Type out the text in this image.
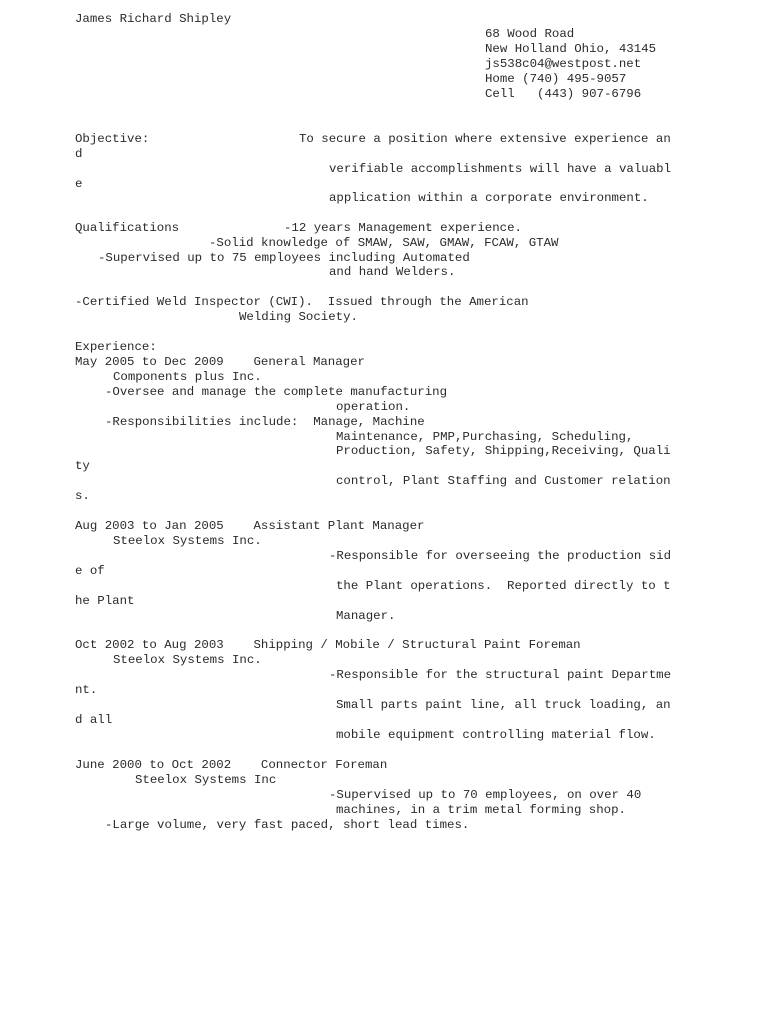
James Richard Shipley

68 Wood Road

New Holland Ohio, 43145

js538c04@westpost.net

Home (740) 495-9057

Cell   (443) 907-6796

Objective:	To secure a position where extensive experience an

d

verifiable accomplishments will have a valuabl

e

application within a corporate environment.

Qualifications	-12 years Management experience.

-Solid knowledge of SMAW, SAW, GMAW, FCAW, GTAW

-Supervised up to 75 employees including Automated

and hand Welders.

-Certified Weld Inspector (CWI).  Issued through the American

Welding Society.

Experience:

May 2005 to Dec 2009    General Manager

Components plus Inc.

-Oversee and manage the complete manufacturing

operation.

-Responsibilities include:  Manage, Machine

Maintenance, PMP,Purchasing, Scheduling,

Production, Safety, Shipping,Receiving, Quali

ty

control, Plant Staffing and Customer relation

s.

Aug 2003 to Jan 2005    Assistant Plant Manager

Steelox Systems Inc.

-Responsible for overseeing the production sid

e of

the Plant operations.  Reported directly to t

he Plant

Manager.

Oct 2002 to Aug 2003    Shipping / Mobile / Structural Paint Foreman

Steelox Systems Inc.

-Responsible for the structural paint Departme

nt.

Small parts paint line, all truck loading, an

d all

mobile equipment controlling material flow.

June 2000 to Oct 2002    Connector Foreman

Steelox Systems Inc

-Supervised up to 70 employees, on over 40

machines, in a trim metal forming shop.

-Large volume, very fast paced, short lead times.
